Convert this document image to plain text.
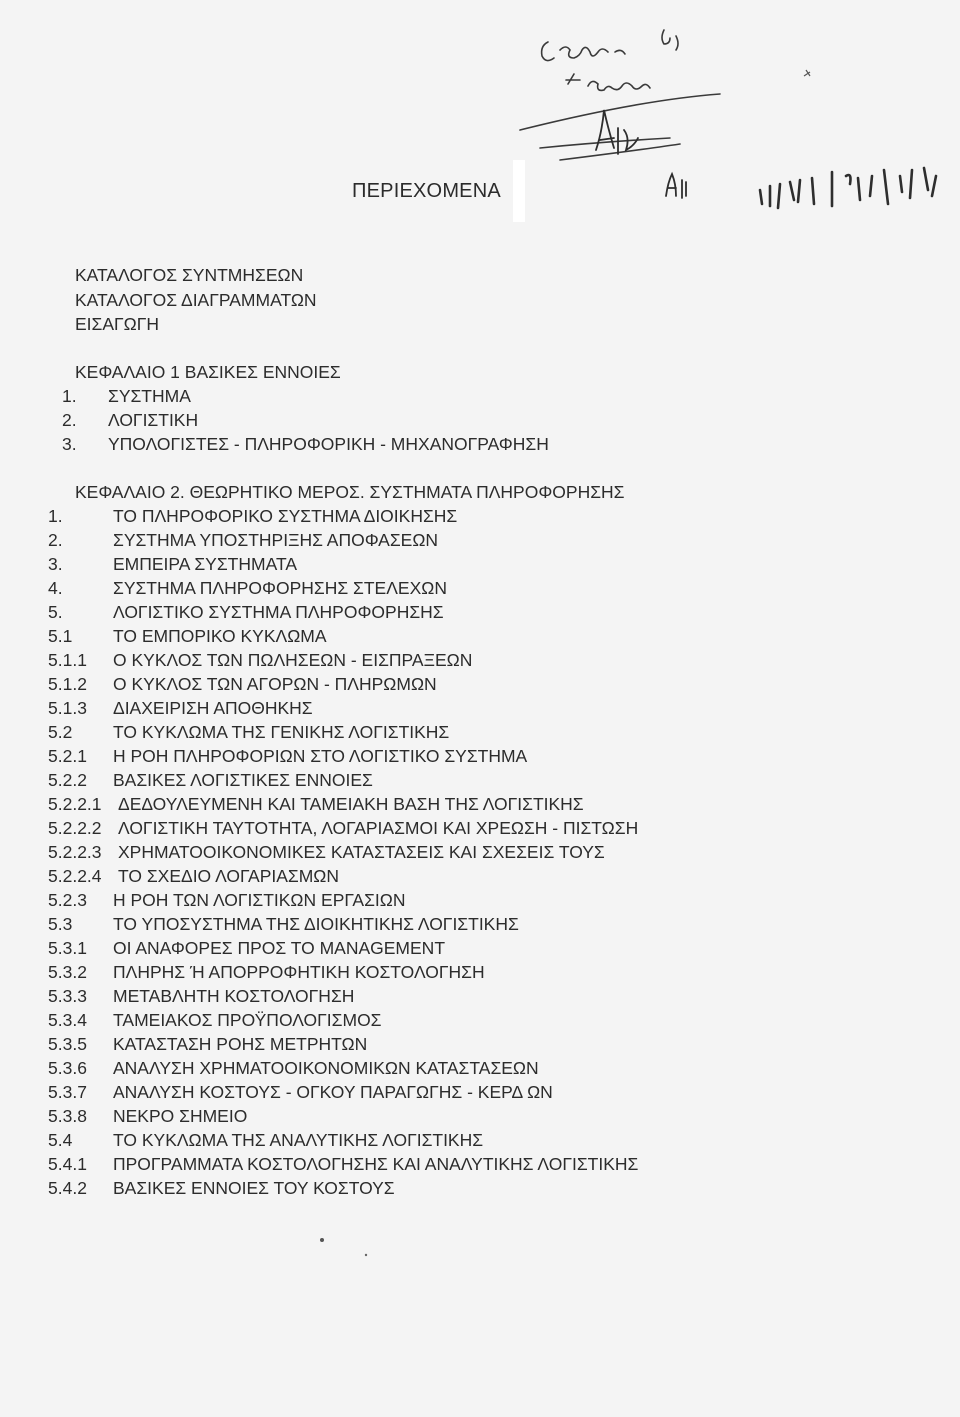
ΠΕΡΙΕΧΟΜΕΝΑ
ΚΑΤΑΛΟΓΟΣ ΣΥΝΤΜΗΣΕΩΝ
ΚΑΤΑΛΟΓΟΣ ΔΙΑΓΡΑΜΜΑΤΩΝ
ΕΙΣΑΓΩΓΗ
ΚΕΦΑΛΑΙΟ 1 ΒΑΣΙΚΕΣ ΕΝΝΟΙΕΣ
1. ΣΥΣΤΗΜΑ
2. ΛΟΓΙΣΤΙΚΗ
3. ΥΠΟΛΟΓΙΣΤΕΣ - ΠΛΗΡΟΦΟΡΙΚΗ - ΜΗΧΑΝΟΓΡΑΦΗΣΗ
ΚΕΦΑΛΑΙΟ 2. ΘΕΩΡΗΤΙΚΟ ΜΕΡΟΣ. ΣΥΣΤΗΜΑΤΑ ΠΛΗΡΟΦΟΡΗΣΗΣ
1.	ΤΟ ΠΛΗΡΟΦΟΡΙΚΟ ΣΥΣΤΗΜΑ ΔΙΟΙΚΗΣΗΣ
2.	ΣΥΣΤΗΜΑ ΥΠΟΣΤΗΡΙΞΗΣ ΑΠΟΦΑΣΕΩΝ
3.	ΕΜΠΕΙΡΑ ΣΥΣΤΗΜΑΤΑ
4.	ΣΥΣΤΗΜΑ ΠΛΗΡΟΦΟΡΗΣΗΣ ΣΤΕΛΕΧΩΝ
5.	ΛΟΓΙΣΤΙΚΟ ΣΥΣΤΗΜΑ ΠΛΗΡΟΦΟΡΗΣΗΣ
5.1 ΤΟ ΕΜΠΟΡΙΚΟ ΚΥΚΛΩΜΑ
5.1.1 Ο ΚΥΚΛΟΣ ΤΩΝ ΠΩΛΗΣΕΩΝ - ΕΙΣΠΡΑΞΕΩΝ
5.1.2 Ο ΚΥΚΛΟΣ ΤΩΝ ΑΓΟΡΩΝ - ΠΛΗΡΩΜΩΝ
5.1.3 ΔΙΑΧΕΙΡΙΣΗ ΑΠΟΘΗΚΗΣ
5.2 ΤΟ ΚΥΚΛΩΜΑ ΤΗΣ ΓΕΝΙΚΗΣ ΛΟΓΙΣΤΙΚΗΣ
5.2.1 Η ΡΟΗ ΠΛΗΡΟΦΟΡΙΩΝ ΣΤΟ ΛΟΓΙΣΤΙΚΟ ΣΥΣΤΗΜΑ
5.2.2 ΒΑΣΙΚΕΣ ΛΟΓΙΣΤΙΚΕΣ ΕΝΝΟΙΕΣ
5.2.2.1 ΔΕΔΟΥΛΕΥΜΕΝΗ ΚΑΙ ΤΑΜΕΙΑΚΗ ΒΑΣΗ ΤΗΣ ΛΟΓΙΣΤΙΚΗΣ
5.2.2.2 ΛΟΓΙΣΤΙΚΗ ΤΑΥΤΟΤΗΤΑ, ΛΟΓΑΡΙΑΣΜΟΙ ΚΑΙ ΧΡΕΩΣΗ - ΠΙΣΤΩΣΗ
5.2.2.3 ΧΡΗΜΑΤΟΟΙΚΟΝΟΜΙΚΕΣ ΚΑΤΑΣΤΑΣΕΙΣ ΚΑΙ ΣΧΕΣΕΙΣ ΤΟΥΣ
5.2.2.4 ΤΟ ΣΧΕΔΙΟ ΛΟΓΑΡΙΑΣΜΩΝ
5.2.3 Η ΡΟΗ ΤΩΝ ΛΟΓΙΣΤΙΚΩΝ ΕΡΓΑΣΙΩΝ
5.3 ΤΟ ΥΠΟΣΥΣΤΗΜΑ ΤΗΣ ΔΙΟΙΚΗΤΙΚΗΣ ΛΟΓΙΣΤΙΚΗΣ
5.3.1 ΟΙ ΑΝΑΦΟΡΕΣ ΠΡΟΣ ΤΟ MANAGEMENT
5.3.2 ΠΛΗΡΗΣ Ή ΑΠΟΡΡΟΦΗΤΙΚΗ ΚΟΣΤΟΛΟΓΗΣΗ
5.3.3 ΜΕΤΑΒΛΗΤΗ ΚΟΣΤΟΛΟΓΗΣΗ
5.3.4 ΤΑΜΕΙΑΚΟΣ ΠΡΟΫΠΟΛΟΓΙΣΜΟΣ
5.3.5 ΚΑΤΑΣΤΑΣΗ ΡΟΗΣ ΜΕΤΡΗΤΩΝ
5.3.6 ΑΝΑΛΥΣΗ ΧΡΗΜΑΤΟΟΙΚΟΝΟΜΙΚΩΝ ΚΑΤΑΣΤΑΣΕΩΝ
5.3.7 ΑΝΑΛΥΣΗ ΚΟΣΤΟΥΣ - ΟΓΚΟΥ ΠΑΡΑΓΩΓΗΣ - ΚΕΡΔ ΩΝ
5.3.8 ΝΕΚΡΟ ΣΗΜΕΙΟ
5.4 ΤΟ ΚΥΚΛΩΜΑ ΤΗΣ ΑΝΑΛΥΤΙΚΗΣ ΛΟΓΙΣΤΙΚΗΣ
5.4.1 ΠΡΟΓΡΑΜΜΑΤΑ ΚΟΣΤΟΛΟΓΗΣΗΣ ΚΑΙ ΑΝΑΛΥΤΙΚΗΣ ΛΟΓΙΣΤΙΚΗΣ
5.4.2 ΒΑΣΙΚΕΣ ΕΝΝΟΙΕΣ ΤΟΥ ΚΟΣΤΟΥΣ
